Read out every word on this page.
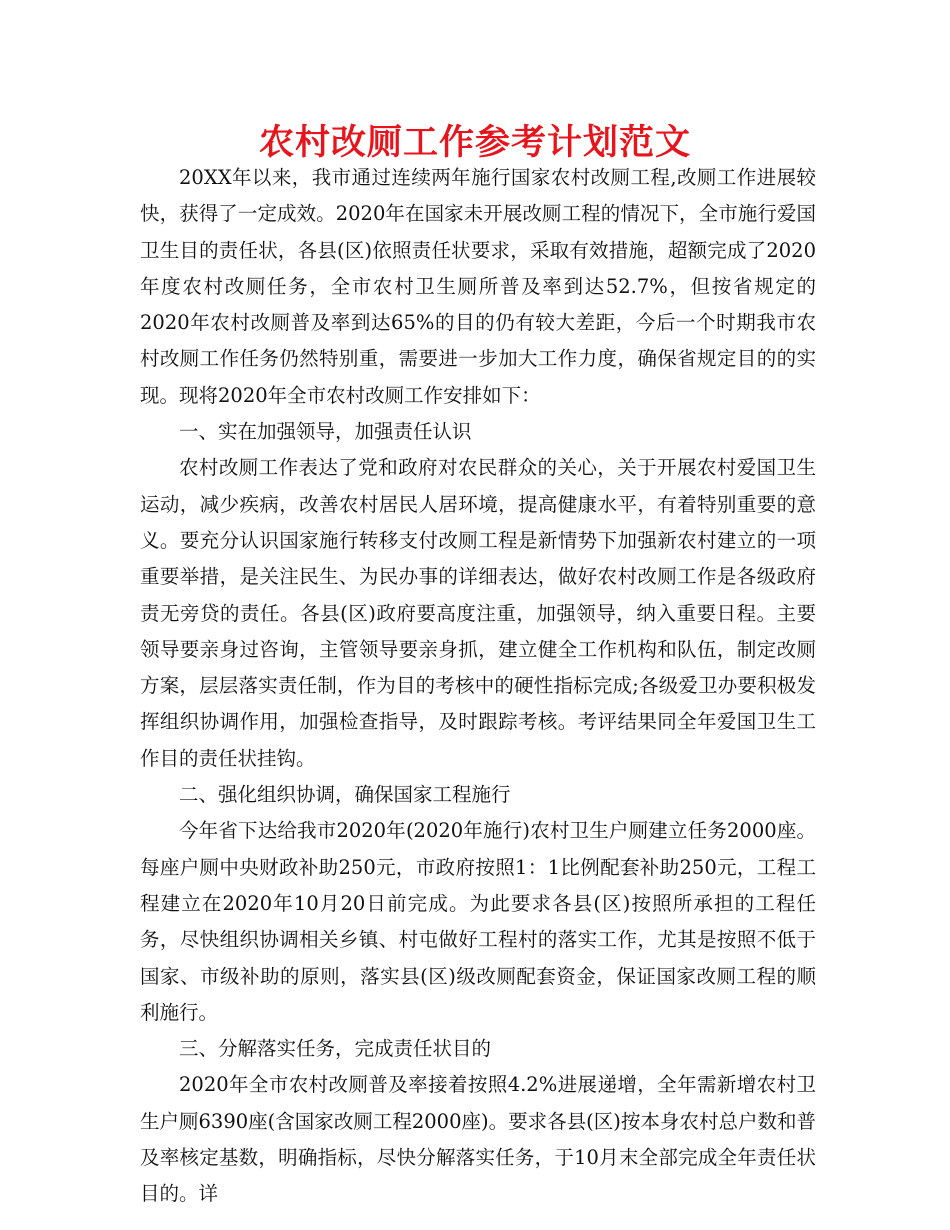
农村改厕工作参考计划范文

20XX年以来，我市通过连续两年施行国家农村改厕工程,改厕工作进展较快，获得了一定成效。2020年在国家未开展改厕工程的情况下，全市施行爱国卫生目的责任状，各县(区)依照责任状要求，采取有效措施，超额完成了2020年度农村改厕任务，全市农村卫生厕所普及率到达52.7%，但按省规定的2020年农村改厕普及率到达65%的目的仍有较大差距，今后一个时期我市农村改厕工作任务仍然特别重，需要进一步加大工作力度，确保省规定目的的实现。现将2020年全市农村改厕工作安排如下：

一、实在加强领导，加强责任认识

农村改厕工作表达了党和政府对农民群众的关心，关于开展农村爱国卫生运动，减少疾病，改善农村居民人居环境，提高健康水平，有着特别重要的意义。要充分认识国家施行转移支付改厕工程是新情势下加强新农村建立的一项重要举措，是关注民生、为民办事的详细表达，做好农村改厕工作是各级政府责无旁贷的责任。各县(区)政府要高度注重，加强领导，纳入重要日程。主要领导要亲身过咨询，主管领导要亲身抓，建立健全工作机构和队伍，制定改厕方案，层层落实责任制，作为目的考核中的硬性指标完成;各级爱卫办要积极发挥组织协调作用，加强检查指导，及时跟踪考核。考评结果同全年爱国卫生工作目的责任状挂钩。

二、强化组织协调，确保国家工程施行

今年省下达给我市2020年(2020年施行)农村卫生户厕建立任务2000座。每座户厕中央财政补助250元，市政府按照1：1比例配套补助250元，工程工程建立在2020年10月20日前完成。为此要求各县(区)按照所承担的工程任务，尽快组织协调相关乡镇、村屯做好工程村的落实工作，尤其是按照不低于国家、市级补助的原则，落实县(区)级改厕配套资金，保证国家改厕工程的顺利施行。

三、分解落实任务，完成责任状目的

2020年全市农村改厕普及率接着按照4.2%进展递增，全年需新增农村卫生户厕6390座(含国家改厕工程2000座)。要求各县(区)按本身农村总户数和普及率核定基数，明确指标，尽快分解落实任务，于10月末全部完成全年责任状目的。详
